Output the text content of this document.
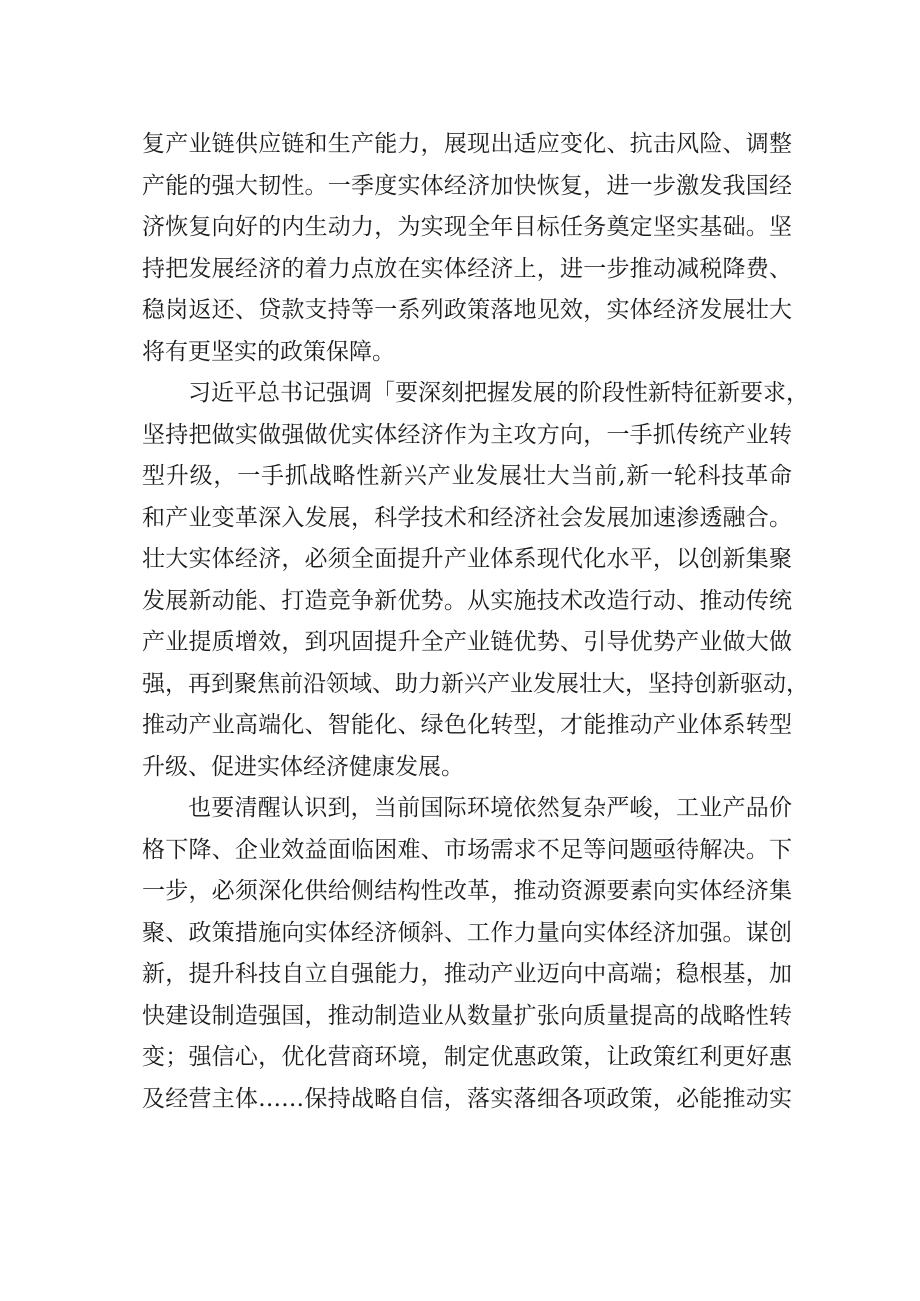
复产业链供应链和生产能力，展现出适应变化、抗击风险、调整
产能的强大韧性。一季度实体经济加快恢复，进一步激发我国经
济恢复向好的内生动力，为实现全年目标任务奠定坚实基础。坚
持把发展经济的着力点放在实体经济上，进一步推动减税降费、
稳岗返还、贷款支持等一系列政策落地见效，实体经济发展壮大
将有更坚实的政策保障。
习近平总书记强调「要深刻把握发展的阶段性新特征新要求，
坚持把做实做强做优实体经济作为主攻方向，一手抓传统产业转
型升级，一手抓战略性新兴产业发展壮大当前,新一轮科技革命
和产业变革深入发展，科学技术和经济社会发展加速渗透融合。
壮大实体经济，必须全面提升产业体系现代化水平，以创新集聚
发展新动能、打造竞争新优势。从实施技术改造行动、推动传统
产业提质增效，到巩固提升全产业链优势、引导优势产业做大做
强，再到聚焦前沿领域、助力新兴产业发展壮大，坚持创新驱动，
推动产业高端化、智能化、绿色化转型，才能推动产业体系转型
升级、促进实体经济健康发展。
也要清醒认识到，当前国际环境依然复杂严峻，工业产品价
格下降、企业效益面临困难、市场需求不足等问题亟待解决。下
一步，必须深化供给侧结构性改革，推动资源要素向实体经济集
聚、政策措施向实体经济倾斜、工作力量向实体经济加强。谋创
新，提升科技自立自强能力，推动产业迈向中高端；稳根基，加
快建设制造强国，推动制造业从数量扩张向质量提高的战略性转
变；强信心，优化营商环境，制定优惠政策，让政策红利更好惠
及经营主体……保持战略自信，落实落细各项政策，必能推动实
